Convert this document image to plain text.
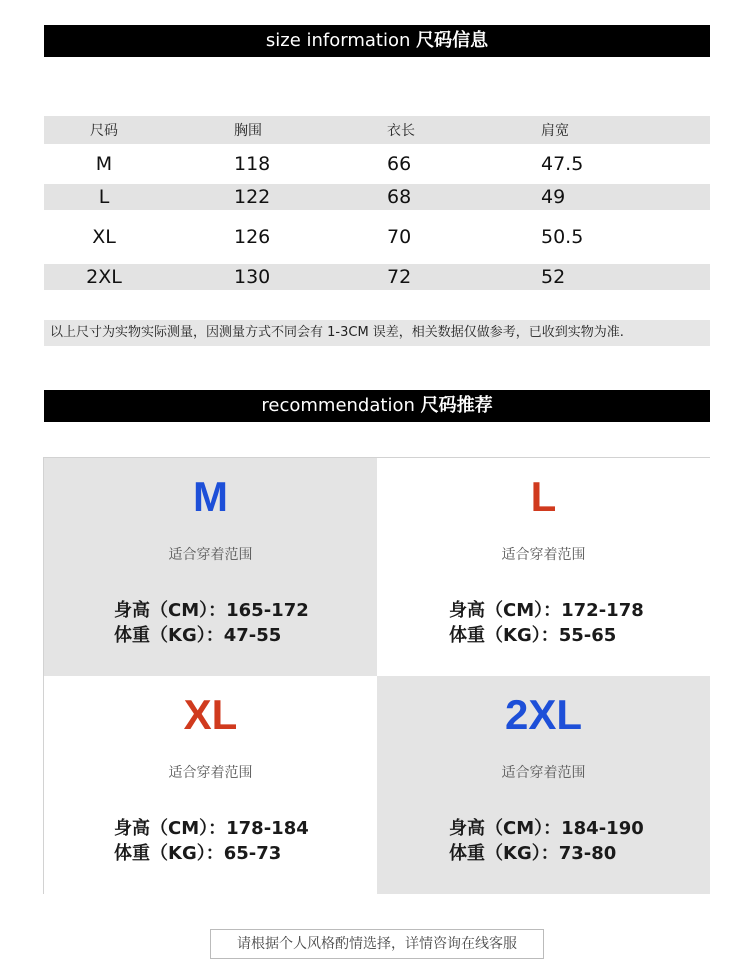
size information 尺码信息
尺码	胸围	衣长	肩宽
M	118	66	47.5
L	122	68	49
XL	126	70	50.5
2XL	130	72	52
以上尺寸为实物实际测量，因测量方式不同会有 1-3CM 误差，相关数据仅做参考，已收到实物为准.
recommendation 尺码推荐
M
适合穿着范围
身高（CM）：165-172
体重（KG）：47-55
L
适合穿着范围
身高（CM）：172-178
体重（KG）：55-65
XL
适合穿着范围
身高（CM）：178-184
体重（KG）：65-73
2XL
适合穿着范围
身高（CM）：184-190
体重（KG）：73-80
请根据个人风格酌情选择，详情咨询在线客服
